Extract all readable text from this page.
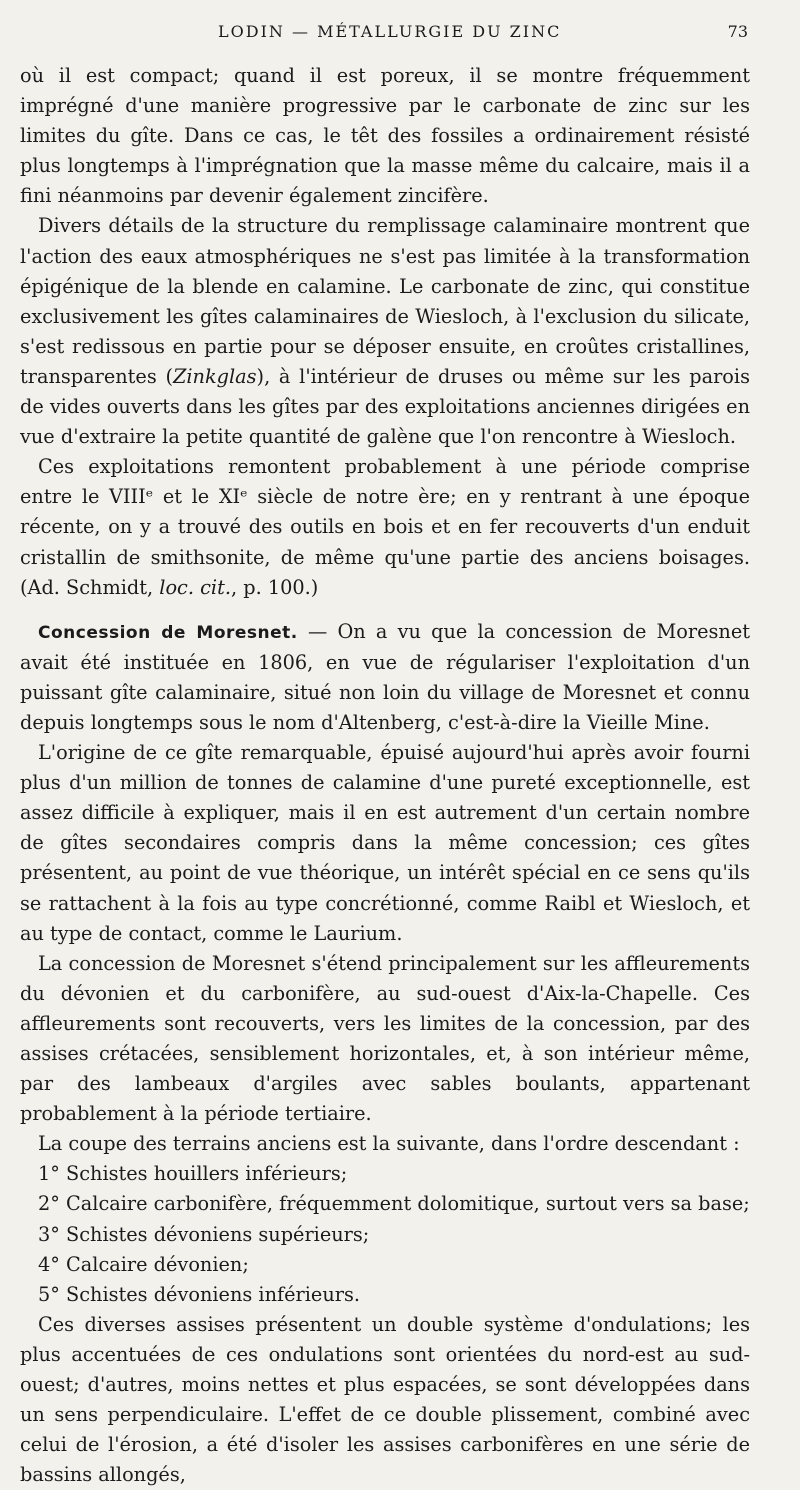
LODIN — MÉTALLURGIE DU ZINC	73

où il est compact; quand il est poreux, il se montre fréquemment imprégné d'une manière progressive par le carbonate de zinc sur les limites du gîte. Dans ce cas, le têt des fossiles a ordinairement résisté plus longtemps à l'imprégnation que la masse même du calcaire, mais il a fini néanmoins par devenir également zincifère.

Divers détails de la structure du remplissage calaminaire montrent que l'action des eaux atmosphériques ne s'est pas limitée à la transformation épigénique de la blende en calamine. Le carbonate de zinc, qui constitue exclusivement les gîtes calaminaires de Wiesloch, à l'exclusion du silicate, s'est redissous en partie pour se déposer ensuite, en croûtes cristallines, transparentes (Zinkglas), à l'intérieur de druses ou même sur les parois de vides ouverts dans les gîtes par des exploitations anciennes dirigées en vue d'extraire la petite quantité de galène que l'on rencontre à Wiesloch.

Ces exploitations remontent probablement à une période comprise entre le VIIIᵉ et le XIᵉ siècle de notre ère; en y rentrant à une époque récente, on y a trouvé des outils en bois et en fer recouverts d'un enduit cristallin de smithsonite, de même qu'une partie des anciens boisages. (Ad. Schmidt, loc. cit., p. 100.)

Concession de Moresnet. — On a vu que la concession de Moresnet avait été instituée en 1806, en vue de régulariser l'exploitation d'un puissant gîte calaminaire, situé non loin du village de Moresnet et connu depuis longtemps sous le nom d'Altenberg, c'est-à-dire la Vieille Mine.

L'origine de ce gîte remarquable, épuisé aujourd'hui après avoir fourni plus d'un million de tonnes de calamine d'une pureté exceptionnelle, est assez difficile à expliquer, mais il en est autrement d'un certain nombre de gîtes secondaires compris dans la même concession; ces gîtes présentent, au point de vue théorique, un intérêt spécial en ce sens qu'ils se rattachent à la fois au type concrétionné, comme Raibl et Wiesloch, et au type de contact, comme le Laurium.

La concession de Moresnet s'étend principalement sur les affleurements du dévonien et du carbonifère, au sud-ouest d'Aix-la-Chapelle. Ces affleurements sont recouverts, vers les limites de la concession, par des assises crétacées, sensiblement horizontales, et, à son intérieur même, par des lambeaux d'argiles avec sables boulants, appartenant probablement à la période tertiaire.

La coupe des terrains anciens est la suivante, dans l'ordre descendant :

1° Schistes houillers inférieurs;
2° Calcaire carbonifère, fréquemment dolomitique, surtout vers sa base;
3° Schistes dévoniens supérieurs;
4° Calcaire dévonien;
5° Schistes dévoniens inférieurs.

Ces diverses assises présentent un double système d'ondulations; les plus accentuées de ces ondulations sont orientées du nord-est au sud-ouest; d'autres, moins nettes et plus espacées, se sont développées dans un sens perpendiculaire. L'effet de ce double plissement, combiné avec celui de l'érosion, a été d'isoler les assises carbonifères en une série de bassins allongés,
